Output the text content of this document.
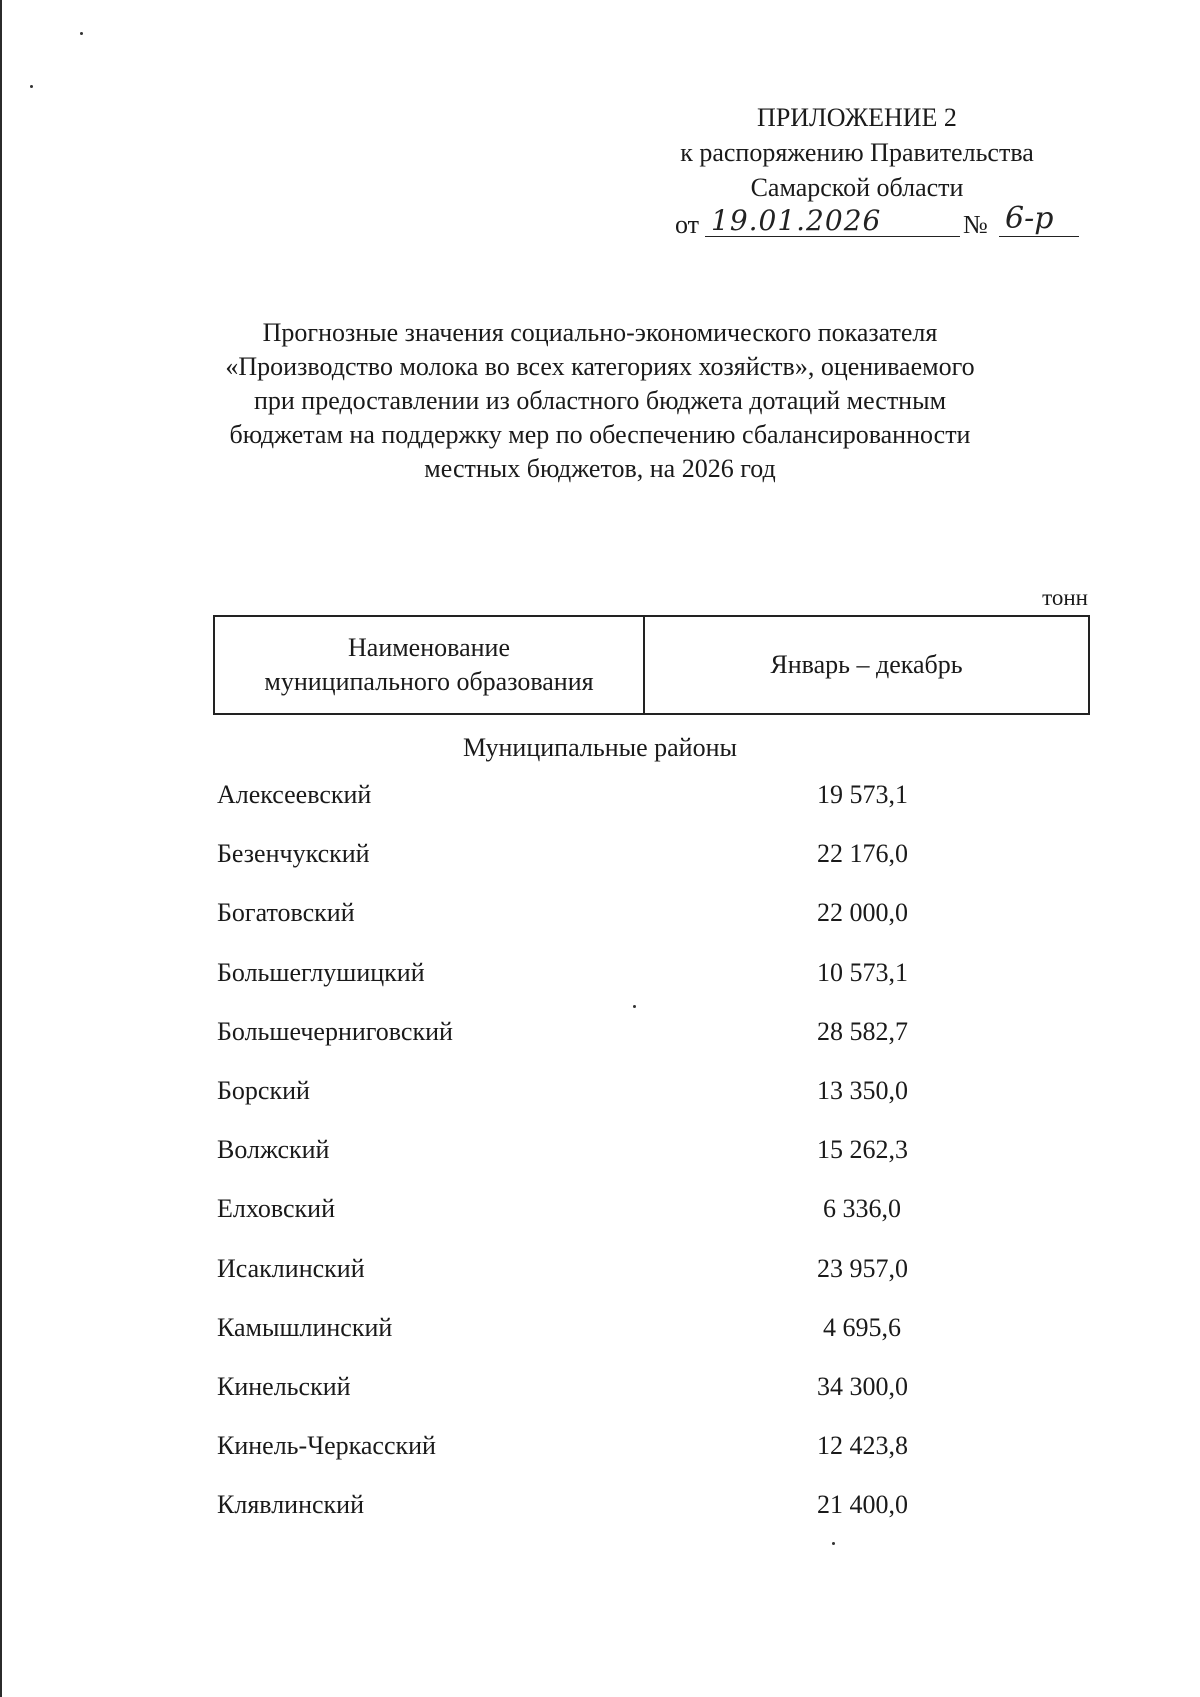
ПРИЛОЖЕНИЕ 2
к распоряжению Правительства
Самарской области
от 19.01.2026	№ 6-р
Прогнозные значения социально-экономического показателя
«Производство молока во всех категориях хозяйств», оцениваемого
при предоставлении из областного бюджета дотаций местным
бюджетам на поддержку мер по обеспечению сбалансированности
местных бюджетов, на 2026 год
тонн
Наименование
муниципального образования
	Январь – декабрь
Муниципальные районы
Алексеевский	19 573,1
Безенчукский	22 176,0
Богатовский	22 000,0
Большеглушицкий	10 573,1
Большечерниговский	28 582,7
Борский	13 350,0
Волжский	15 262,3
Елховский	6 336,0
Исаклинский	23 957,0
Камышлинский	4 695,6
Кинельский	34 300,0
Кинель-Черкасский	12 423,8
Клявлинский	21 400,0
